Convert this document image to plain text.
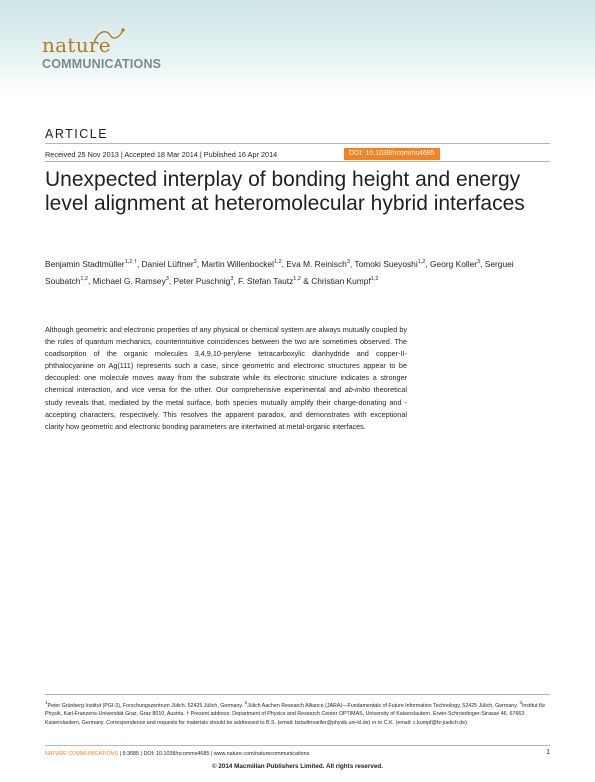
nature
COMMUNICATIONS
ARTICLE
Received 25 Nov 2013 | Accepted 18 Mar 2014 | Published 16 Apr 2014	DOI: 10.1038/ncomms4685
Unexpected interplay of bonding height and energy level alignment at heteromolecular hybrid interfaces
Benjamin Stadtmüller$^{1,2,\dagger}$, Daniel Lüftner$^3$, Martin Willenbockel$^{1,2}$, Eva M. Reinisch$^3$, Tomoki Sueyoshi$^{1,2}$, Georg Koller$^3$, Serguei Soubatch$^{1,2}$, Michael G. Ramsey$^3$, Peter Puschnig$^3$, F. Stefan Tautz$^{1,2}$ & Christian Kumpf$^{1,2}$

Although geometric and electronic properties of any physical or chemical system are always mutually coupled by the rules of quantum mechanics, counterintuitive coincidences between the two are sometimes observed. The coadsorption of the organic molecules 3,4,9,10-perylene tetracarboxylic dianhydride and copper-II-phthalocyanine on Ag(111) represents such a case, since geometric and electronic structures appear to be decoupled: one molecule moves away from the substrate while its electronic structure indicates a stronger chemical interaction, and vice versa for the other. Our comprehensive experimental and ab-initio theoretical study reveals that, mediated by the metal surface, both species mutually amplify their charge-donating and -accepting characters, respectively. This resolves the apparent paradox, and demonstrates with exceptional clarity how geometric and electronic bonding parameters are intertwined at metal-organic interfaces.

$^1$Peter Grünberg Institut (PGI-3), Forschungszentrum Jülich, 52425 Jülich, Germany. $^2$Jülich Aachen Research Alliance (JARA)—Fundamentals of Future Information Technology, 52425 Jülich, Germany. $^3$Institut für Physik, Karl-Franzens-Universität Graz, Graz 8010, Austria. † Present address: Department of Physics and Research Center OPTIMAS, University of Kaiserslautern, Erwin-Schroedinger-Strasse 46, 67663 Kaiserslautern, Germany. Correspondence and requests for materials should be addressed to B.S. (email: bstadtmueller@physik.uni-kl.de) or to C.K. (email: c.kumpf@fz-juelich.de).

NATURE COMMUNICATIONS | 5:3685 | DOI: 10.1038/ncomms4685 | www.nature.com/naturecommunications	1
© 2014 Macmillan Publishers Limited. All rights reserved.
